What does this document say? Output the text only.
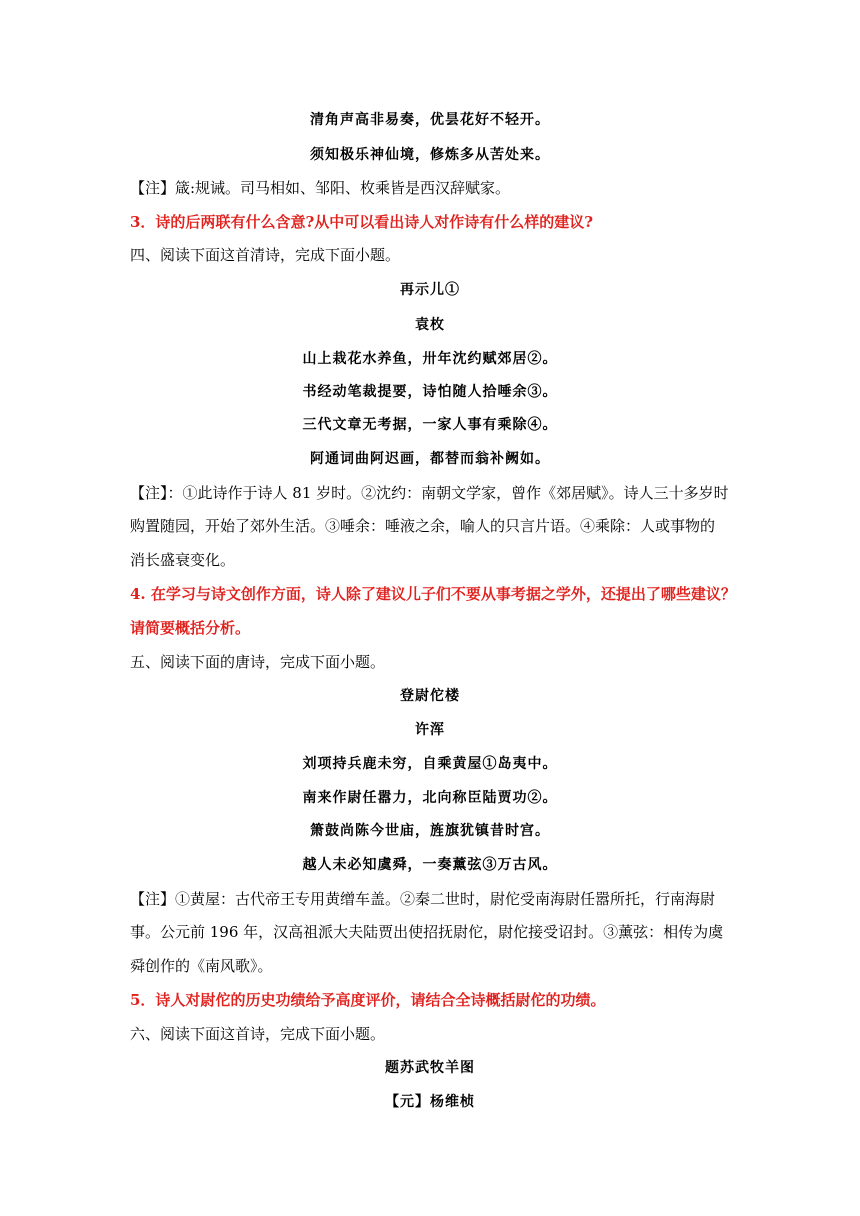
清角声高非易奏，优昙花好不轻开。
须知极乐神仙境，修炼多从苦处来。
【注】箴:规诫。司马相如、邹阳、枚乘皆是西汉辞赋家。
3．诗的后两联有什么含意?从中可以看出诗人对作诗有什么样的建议?
四、阅读下面这首清诗，完成下面小题。
再示儿①
袁枚
山上栽花水养鱼，卅年沈约赋郊居②。
书经动笔裁提要，诗怕随人拾唾余③。
三代文章无考据，一家人事有乘除④。
阿通词曲阿迟画，都替而翁补阙如。
【注】：①此诗作于诗人 81 岁时。②沈约：南朝文学家，曾作《郊居赋》。诗人三十多岁时
购置随园，开始了郊外生活。③唾余：唾液之余，喻人的只言片语。④乘除：人或事物的
消长盛衰变化。
4. 在学习与诗文创作方面，诗人除了建议儿子们不要从事考据之学外，还提出了哪些建议？
请简要概括分析。
五、阅读下面的唐诗，完成下面小题。
登尉佗楼
许浑
刘项持兵鹿未穷，自乘黄屋①岛夷中。
南来作尉任嚣力，北向称臣陆贾功②。
箫鼓尚陈今世庙，旌旗犹镇昔时宫。
越人未必知虞舜，一奏薰弦③万古风。
【注】①黄屋：古代帝王专用黄缯车盖。②秦二世时，尉佗受南海尉任嚣所托，行南海尉
事。公元前 196 年，汉高祖派大夫陆贾出使招抚尉佗，尉佗接受诏封。③薰弦：相传为虞
舜创作的《南风歌》。
5．诗人对尉佗的历史功绩给予高度评价，请结合全诗概括尉佗的功绩。
六、阅读下面这首诗，完成下面小题。
题苏武牧羊图
【元】杨维桢
